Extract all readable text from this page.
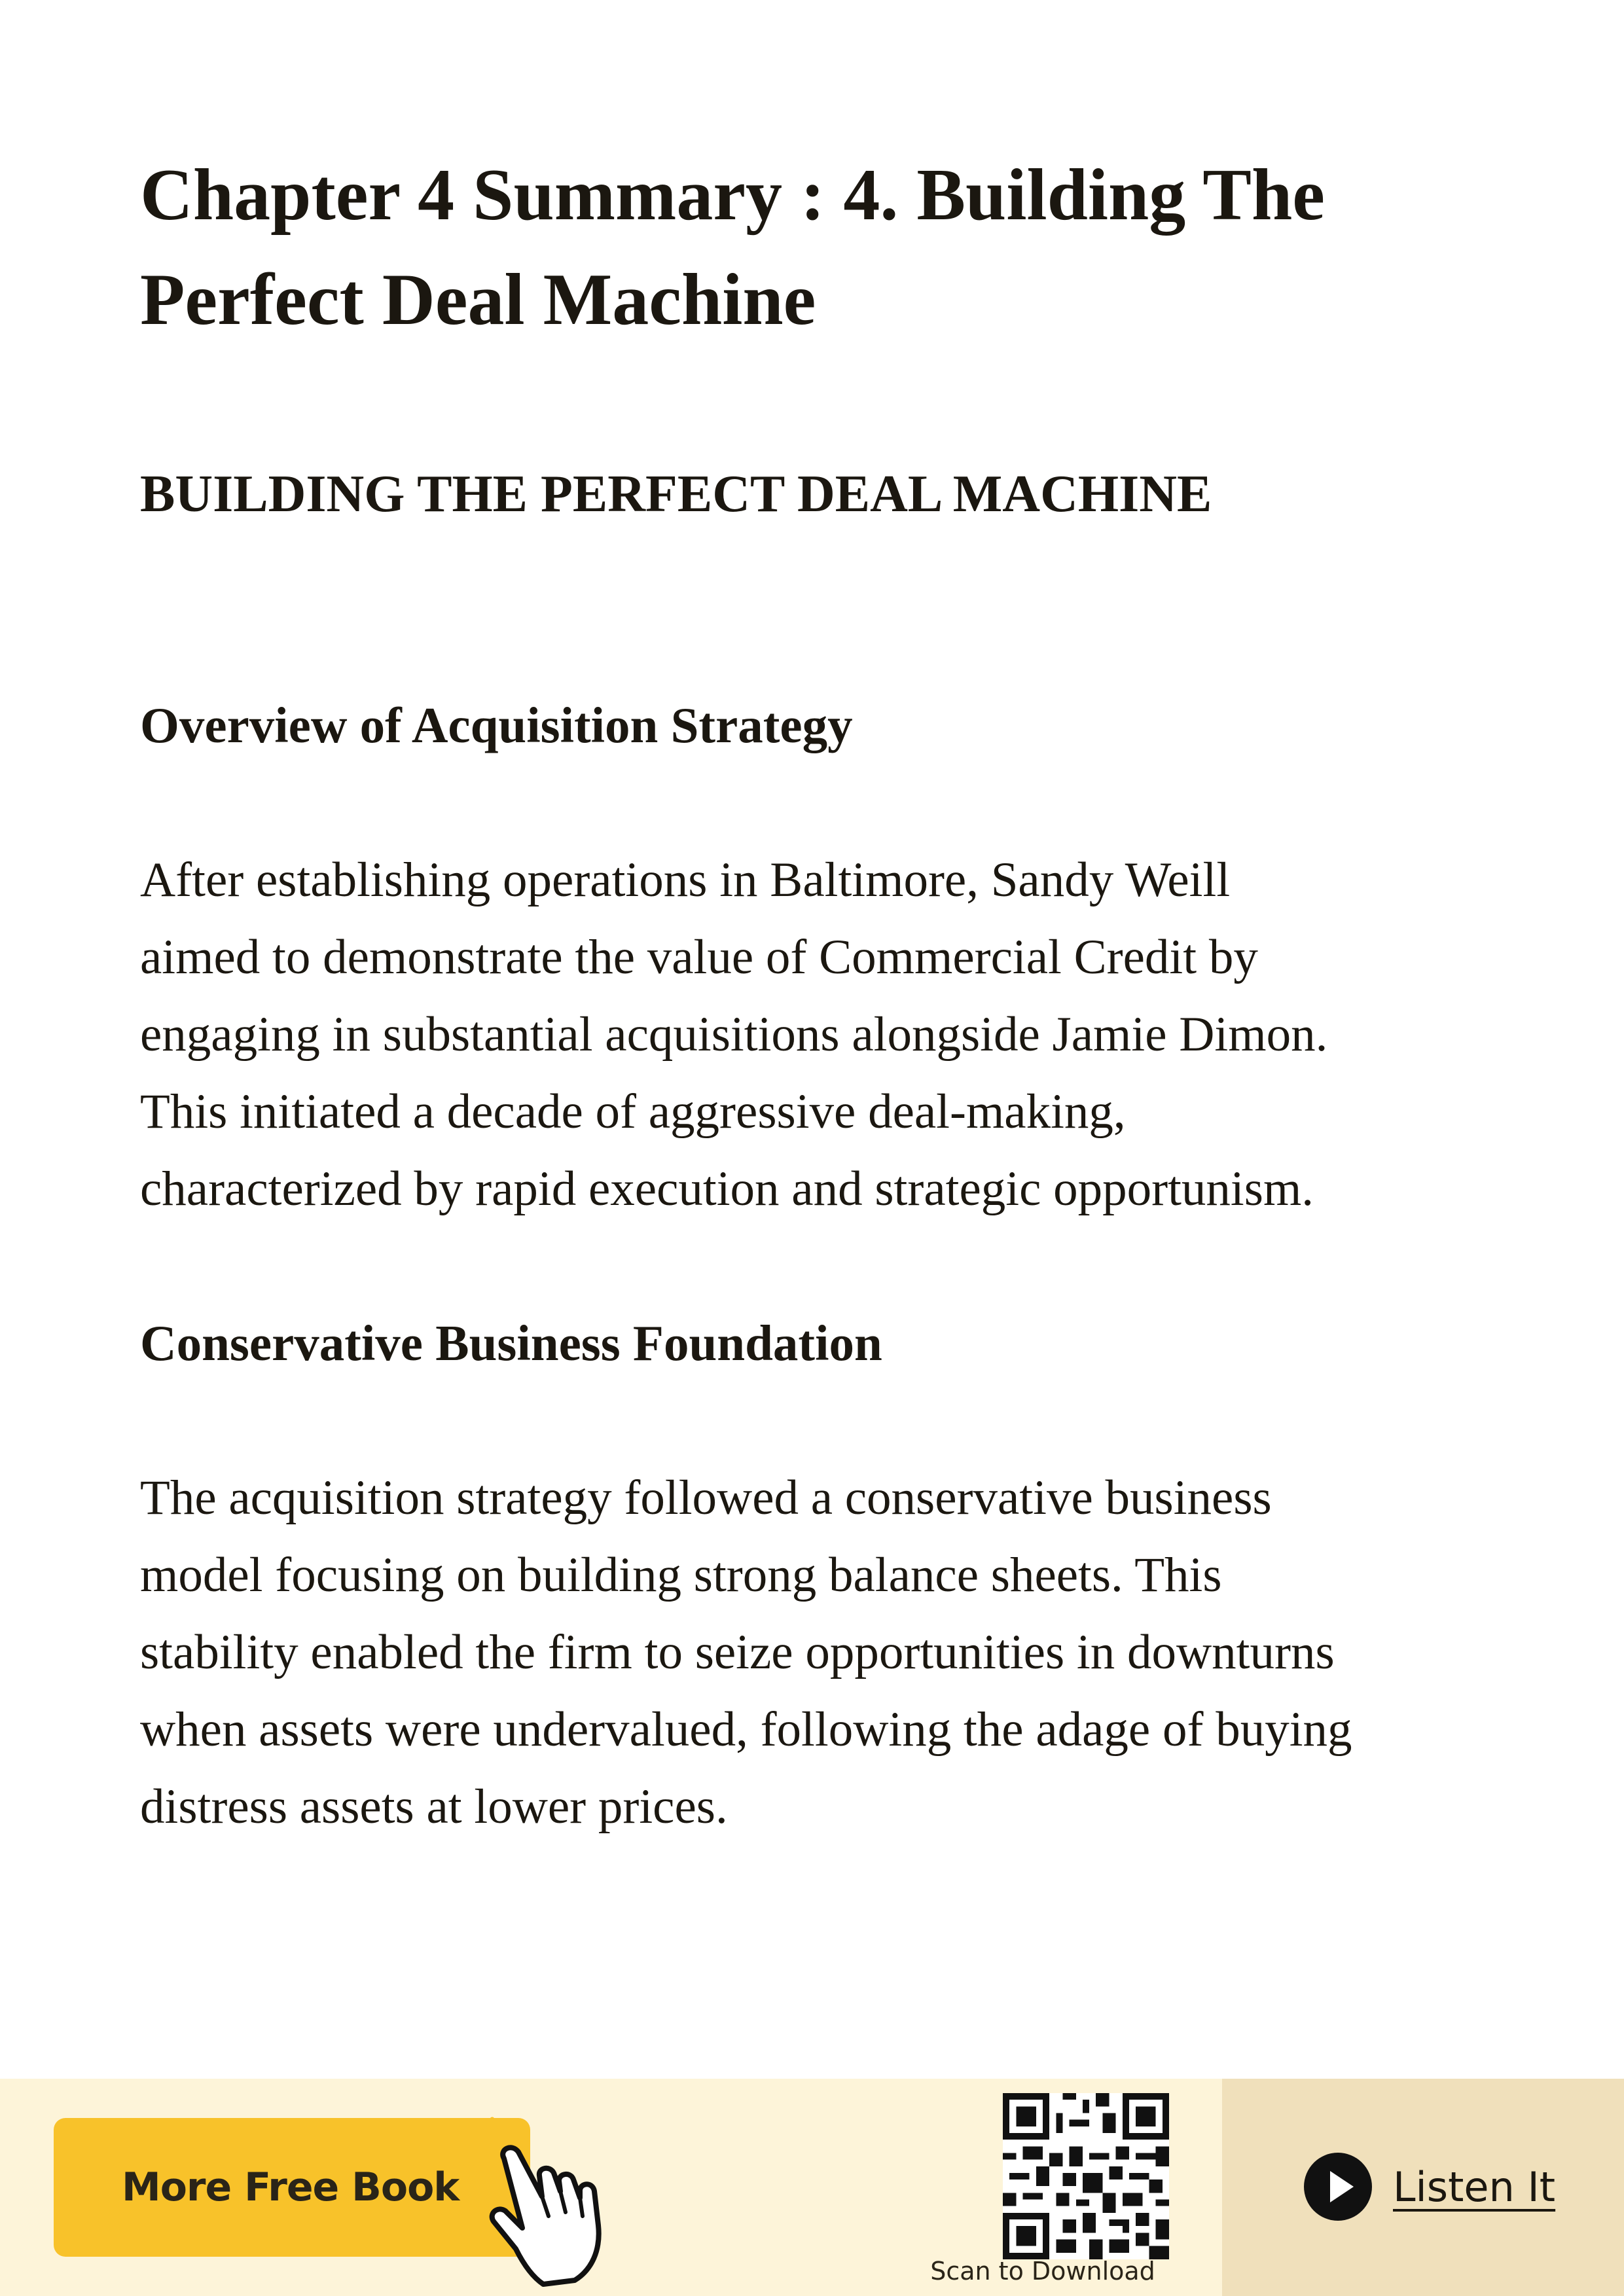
Chapter 4 Summary : 4. Building The Perfect Deal Machine
BUILDING THE PERFECT DEAL MACHINE
Overview of Acquisition Strategy

After establishing operations in Baltimore, Sandy Weill
aimed to demonstrate the value of Commercial Credit by
engaging in substantial acquisitions alongside Jamie Dimon.
This initiated a decade of aggressive deal-making,
characterized by rapid execution and strategic opportunism.

Conservative Business Foundation

The acquisition strategy followed a conservative business
model focusing on building strong balance sheets. This
stability enabled the firm to seize opportunities in downturns
when assets were undervalued, following the adage of buying
distress assets at lower prices.

More Free Book
Scan to Download
Listen It
